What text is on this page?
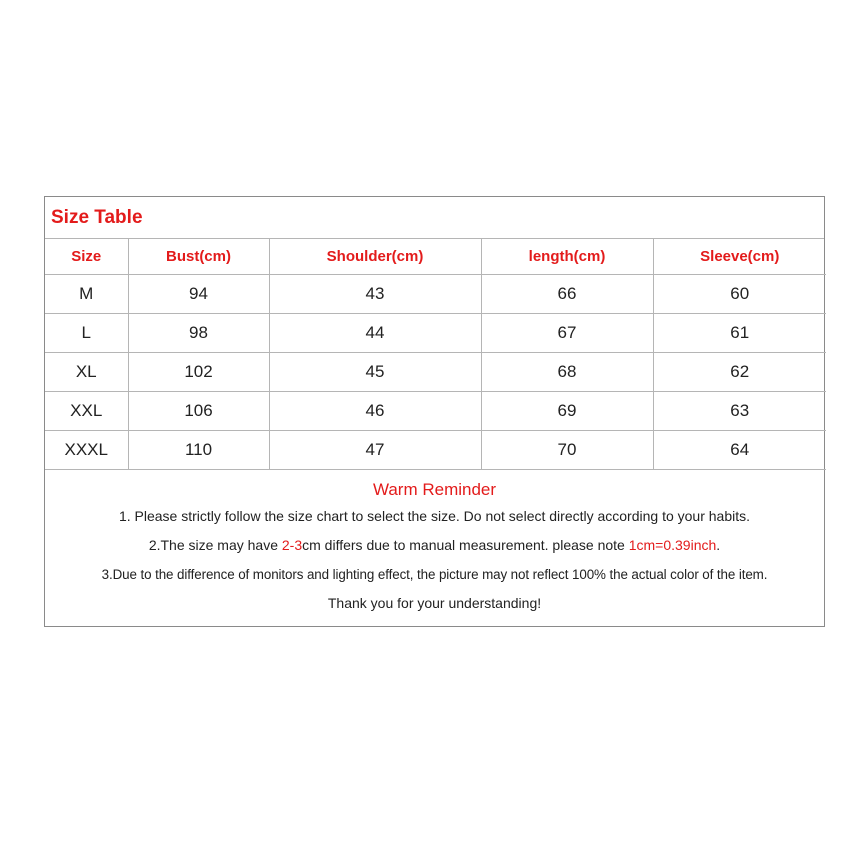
Size Table
Size	Bust(cm)	Shoulder(cm)	length(cm)	Sleeve(cm)
M	94	43	66	60
L	98	44	67	61
XL	102	45	68	62
XXL	106	46	69	63
XXXL	110	47	70	64
Warm Reminder
1. Please strictly follow the size chart to select the size. Do not select directly according to your habits.
2.The size may have 2-3cm differs due to manual measurement. please note 1cm=0.39inch.
3.Due to the difference of monitors and lighting effect, the picture may not reflect 100% the actual color of the item.
Thank you for your understanding!
